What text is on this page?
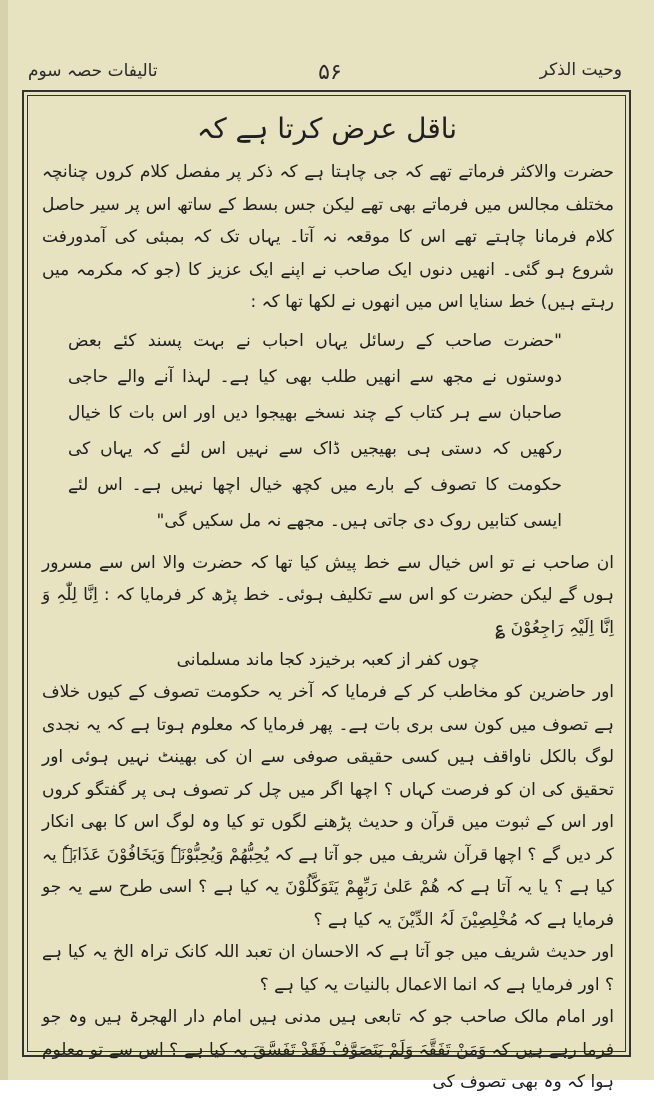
تالیفات حصہ سوم	۵۶	وحیت الذکر
ناقل عرض کرتا ہے کہ

حضرت والاکثر فرماتے تھے کہ جی چاہتا ہے کہ ذکر پر مفصل کلام کروں چنانچہ مختلف مجالس میں فرماتے بھی تھے لیکن جس بسط کے ساتھ اس پر سیر حاصل کلام فرمانا چاہتے تھے اس کا موقعہ نہ آتا۔ یہاں تک کہ بمبئی کی آمدورفت شروع ہو گئی۔ انھیں دنوں ایک صاحب نے اپنے ایک عزیز کا (جو کہ مکرمہ میں رہتے ہیں) خط سنایا اس میں انھوں نے لکھا تھا کہ :

"حضرت صاحب کے رسائل یہاں احباب نے بہت پسند کئے بعض دوستوں نے مجھ سے انھیں طلب بھی کیا ہے۔ لہذا آنے والے حاجی صاحبان سے ہر کتاب کے چند نسخے بھیجوا دیں اور اس بات کا خیال رکھیں کہ دستی ہی بھیجیں ڈاک سے نہیں اس لئے کہ یہاں کی حکومت کا تصوف کے بارے میں کچھ خیال اچھا نہیں ہے۔ اس لئے ایسی کتابیں روک دی جاتی ہیں۔ مجھے نہ مل سکیں گی"

ان صاحب نے تو اس خیال سے خط پیش کیا تھا کہ حضرت والا اس سے مسرور ہوں گے لیکن حضرت کو اس سے تکلیف ہوئی۔ خط پڑھ کر فرمایا کہ : اِنَّا لِلّٰہِ وَ اِنَّا اِلَیْہِ رَاجِعُوْنَ ؏

چوں کفر از کعبہ برخیزد کجا ماند مسلمانی

اور حاضرین کو مخاطب کر کے فرمایا کہ آخر یہ حکومت تصوف کے کیوں خلاف ہے تصوف میں کون سی بری بات ہے۔ پھر فرمایا کہ معلوم ہوتا ہے کہ یہ نجدی لوگ بالکل ناواقف ہیں کسی حقیقی صوفی سے ان کی بھینٹ نہیں ہوئی اور تحقیق کی ان کو فرصت کہاں ؟ اچھا اگر میں چل کر تصوف ہی پر گفتگو کروں اور اس کے ثبوت میں قرآن و حدیث پڑھنے لگوں تو کیا وہ لوگ اس کا بھی انکار کر دیں گے ؟ اچھا قرآن شریف میں جو آتا ہے کہ یُحِبُّھُمْ وَیُحِبُّوْنَہٗ وَیَخَافُوْنَ عَذَابَہٗ یہ کیا ہے ؟ یا یہ آتا ہے کہ ھُمْ عَلیٰ رَبِّھِمْ یَتَوَکَّلُوْنَ یہ کیا ہے ؟ اسی طرح سے یہ جو فرمایا ہے کہ مُخْلِصِیْنَ لَہُ الدِّیْنَ یہ کیا ہے ؟

اور حدیث شریف میں جو آتا ہے کہ الاحسان ان تعبد اللہ کانک تراہ الخ یہ کیا ہے ؟ اور فرمایا ہے کہ انما الاعمال بالنیات یہ کیا ہے ؟

اور امام مالک صاحب جو کہ تابعی ہیں مدنی ہیں امام دار الھجرۃ ہیں وہ جو فرما رہے ہیں کہ وَمَنْ تَفَقَّہَ وَلَمْ یَتَصَوَّفْ فَقَدْ تَفَسَّقَ یہ کیا ہے ؟ اس سے تو معلوم ہوا کہ وہ بھی تصوف کی
